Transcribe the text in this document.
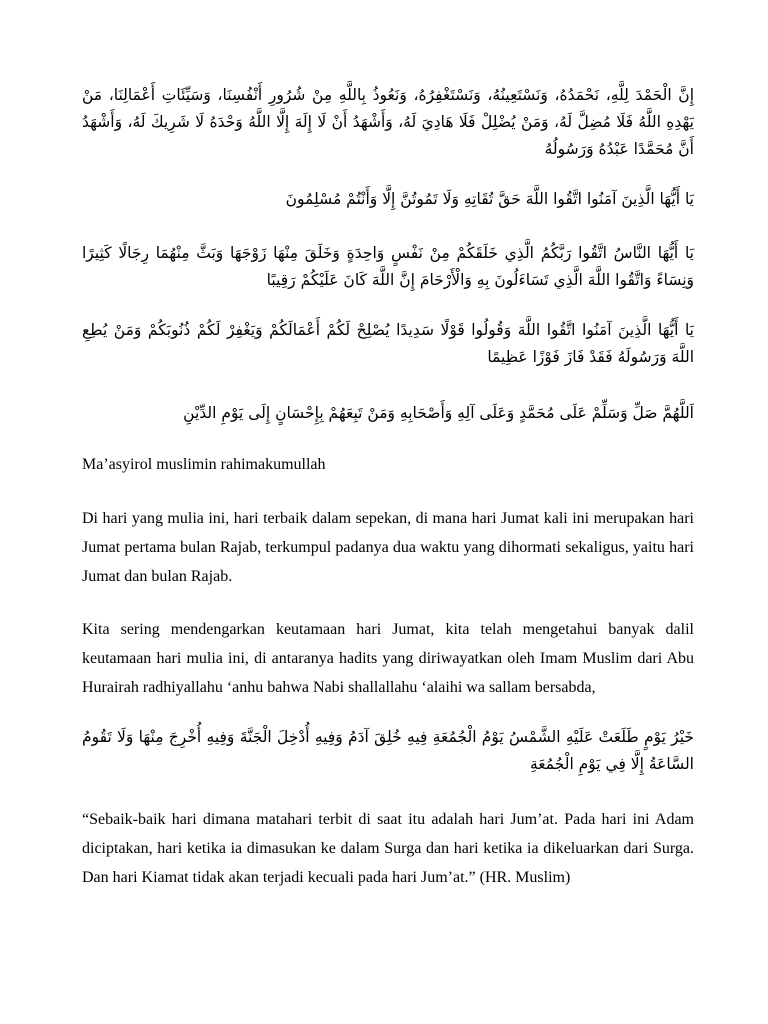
إِنَّ الْحَمْدَ لِلَّهِ، نَحْمَدُهُ، وَنَسْتَعِينُهُ، وَنَسْتَغْفِرُهُ، وَنَعُوذُ بِاللَّهِ مِنْ شُرُورِ أَنْفُسِنَا، وَسَيِّئَاتِ أَعْمَالِنَا، مَنْ يَهْدِهِ اللَّهُ فَلَا مُضِلَّ لَهُ، وَمَنْ يُضْلِلْ فَلَا هَادِيَ لَهُ، وَأَشْهَدُ أَنْ لَا إِلَهَ إِلَّا اللَّهُ وَحْدَهُ لَا شَرِيكَ لَهُ، وَأَشْهَدُ أَنَّ مُحَمَّدًا عَبْدُهُ وَرَسُولُهُ

يَا أَيُّهَا الَّذِينَ آمَنُوا اتَّقُوا اللَّهَ حَقَّ تُقَاتِهِ وَلَا تَمُوتُنَّ إِلَّا وَأَنْتُمْ مُسْلِمُونَ

يَا أَيُّهَا النَّاسُ اتَّقُوا رَبَّكُمُ الَّذِي خَلَقَكُمْ مِنْ نَفْسٍ وَاحِدَةٍ وَخَلَقَ مِنْهَا زَوْجَهَا وَبَثَّ مِنْهُمَا رِجَالًا كَثِيرًا وَنِسَاءً وَاتَّقُوا اللَّهَ الَّذِي تَسَاءَلُونَ بِهِ وَالْأَرْحَامَ إِنَّ اللَّهَ كَانَ عَلَيْكُمْ رَقِيبًا

يَا أَيُّهَا الَّذِينَ آمَنُوا اتَّقُوا اللَّهَ وَقُولُوا قَوْلًا سَدِيدًا يُصْلِحْ لَكُمْ أَعْمَالَكُمْ وَيَغْفِرْ لَكُمْ ذُنُوبَكُمْ وَمَنْ يُطِعِ اللَّهَ وَرَسُولَهُ فَقَدْ فَازَ فَوْزًا عَظِيمًا

اَللَّهُمَّ صَلِّ وَسَلِّمْ عَلَى مُحَمَّدٍ وَعَلَى آلِهِ وَأَصْحَابِهِ وَمَنْ تَبِعَهُمْ بِإِحْسَانٍ إِلَى يَوْمِ الدِّيْنِ

Ma’asyirol muslimin rahimakumullah

Di hari yang mulia ini, hari terbaik dalam sepekan, di mana hari Jumat kali ini merupakan hari Jumat pertama bulan Rajab, terkumpul padanya dua waktu yang dihormati sekaligus, yaitu hari Jumat dan bulan Rajab.

Kita sering mendengarkan keutamaan hari Jumat, kita telah mengetahui banyak dalil keutamaan hari mulia ini, di antaranya hadits yang diriwayatkan oleh Imam Muslim dari Abu Hurairah radhiyallahu ‘anhu bahwa Nabi shallallahu ‘alaihi wa sallam bersabda,

خَيْرُ يَوْمٍ طَلَعَتْ عَلَيْهِ الشَّمْسُ يَوْمُ الْجُمُعَةِ فِيهِ خُلِقَ آدَمُ وَفِيهِ أُدْخِلَ الْجَنَّةَ وَفِيهِ أُخْرِجَ مِنْهَا وَلَا تَقُومُ السَّاعَةُ إِلَّا فِي يَوْمِ الْجُمُعَةِ

“Sebaik-baik hari dimana matahari terbit di saat itu adalah hari Jum’at. Pada hari ini Adam diciptakan, hari ketika ia dimasukan ke dalam Surga dan hari ketika ia dikeluarkan dari Surga. Dan hari Kiamat tidak akan terjadi kecuali pada hari Jum’at.” (HR. Muslim)
